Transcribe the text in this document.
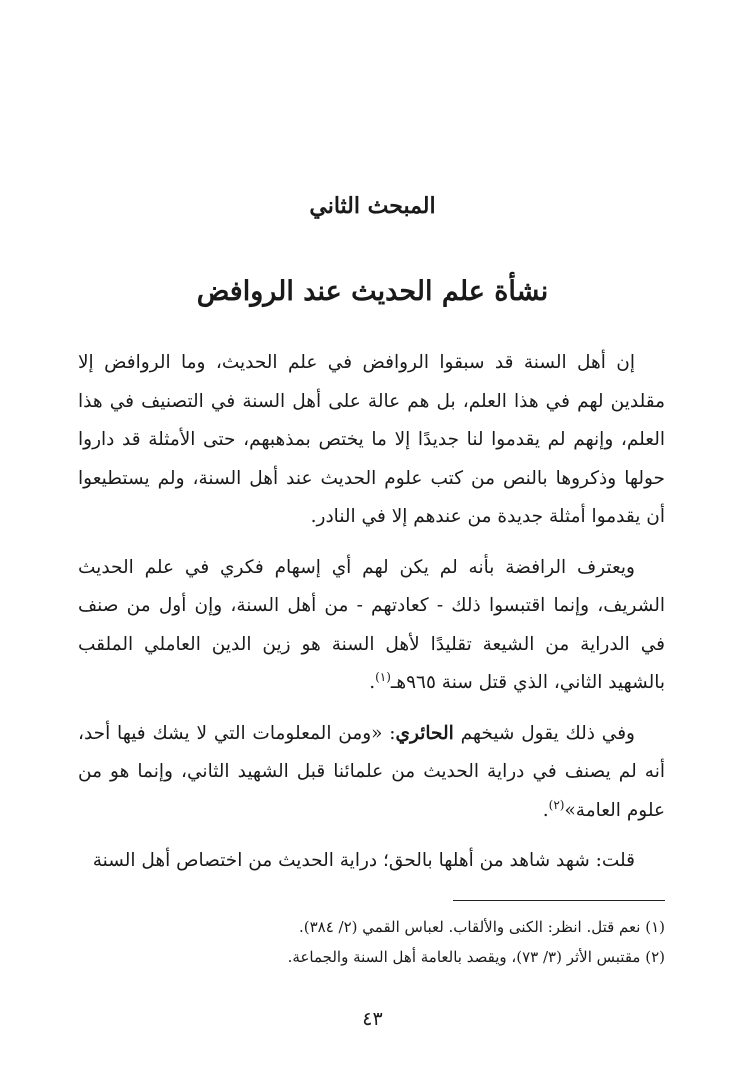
المبحث الثاني
نشأة علم الحديث عند الروافض

إن أهل السنة قد سبقوا الروافض في علم الحديث، وما الروافض إلا مقلدين لهم في هذا العلم، بل هم عالة على أهل السنة في التصنيف في هذا العلم، وإنهم لم يقدموا لنا جديدًا إلا ما يختص بمذهبهم، حتى الأمثلة قد داروا حولها وذكروها بالنص من كتب علوم الحديث عند أهل السنة، ولم يستطيعوا أن يقدموا أمثلة جديدة من عندهم إلا في النادر.

ويعترف الرافضة بأنه لم يكن لهم أي إسهام فكري في علم الحديث الشريف، وإنما اقتبسوا ذلك - كعادتهم - من أهل السنة، وإن أول من صنف في الدراية من الشيعة تقليدًا لأهل السنة هو زين الدين العاملي الملقب بالشهيد الثاني، الذي قتل سنة ٩٦٥هـ$^{(١)}$.

وفي ذلك يقول شيخهم الحائري: «ومن المعلومات التي لا يشك فيها أحد، أنه لم يصنف في دراية الحديث من علمائنا قبل الشهيد الثاني، وإنما هو من علوم العامة»$^{(٢)}$.

قلت: شهد شاهد من أهلها بالحق؛ دراية الحديث من اختصاص أهل السنة

(١) نعم قتل. انظر: الكنى والألقاب. لعباس القمي (٢/ ٣٨٤).

(٢) مقتبس الأثر (٣/ ٧٣)، ويقصد بالعامة أهل السنة والجماعة.

٤٣
